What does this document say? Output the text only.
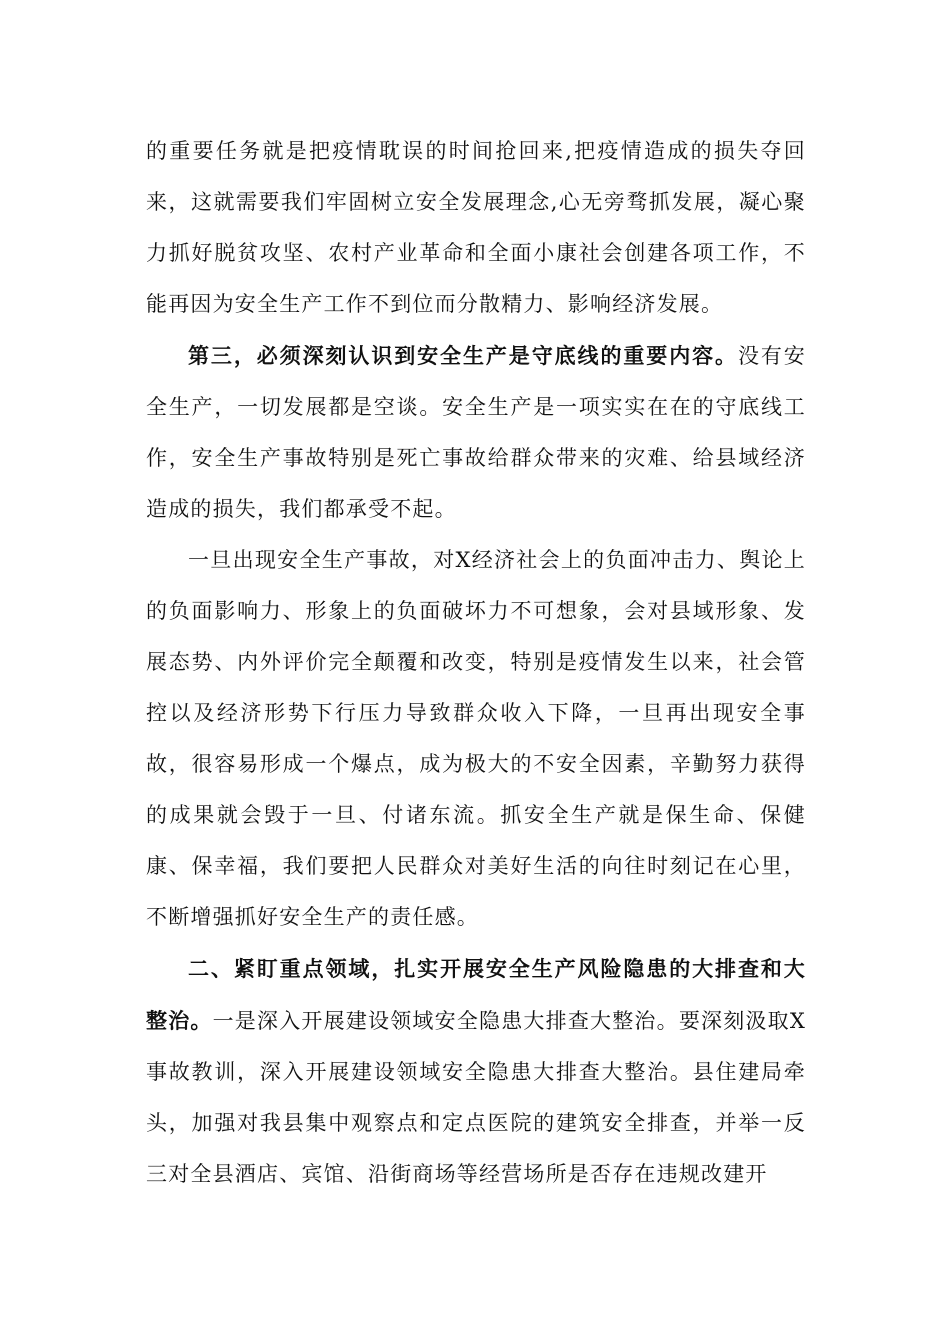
的重要任务就是把疫情耽误的时间抢回来,把疫情造成的损失夺回来，这就需要我们牢固树立安全发展理念,心无旁骛抓发展，凝心聚力抓好脱贫攻坚、农村产业革命和全面小康社会创建各项工作，不能再因为安全生产工作不到位而分散精力、影响经济发展。

第三，必须深刻认识到安全生产是守底线的重要内容。没有安全生产，一切发展都是空谈。安全生产是一项实实在在的守底线工作，安全生产事故特别是死亡事故给群众带来的灾难、给县域经济造成的损失，我们都承受不起。

一旦出现安全生产事故，对X经济社会上的负面冲击力、舆论上的负面影响力、形象上的负面破坏力不可想象，会对县域形象、发展态势、内外评价完全颠覆和改变，特别是疫情发生以来，社会管控以及经济形势下行压力导致群众收入下降，一旦再出现安全事故，很容易形成一个爆点，成为极大的不安全因素，辛勤努力获得的成果就会毁于一旦、付诸东流。抓安全生产就是保生命、保健康、保幸福，我们要把人民群众对美好生活的向往时刻记在心里，不断增强抓好安全生产的责任感。

二、紧盯重点领域，扎实开展安全生产风险隐患的大排查和大整治。一是深入开展建设领域安全隐患大排查大整治。要深刻汲取X事故教训，深入开展建设领域安全隐患大排查大整治。县住建局牵头，加强对我县集中观察点和定点医院的建筑安全排查，并举一反三对全县酒店、宾馆、沿街商场等经营场所是否存在违规改建开
